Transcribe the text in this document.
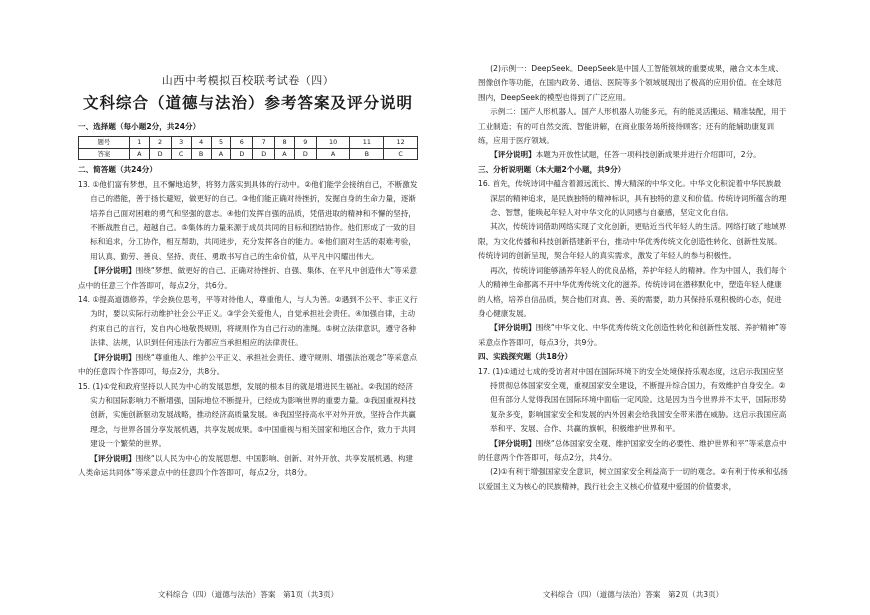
山西中考模拟百校联考试卷（四）
文科综合（道德与法治）参考答案及评分说明

一、选择题（每小题2分，共24分）

题号	1	2	3	4	5	6	7	8	9	10	11	12
答案	A	D	C	B	A	D	D	A	D	A	B	C

二、简答题（共24分）

13. ①他们富有梦想，且不懈地追梦，将努力落实到具体的行动中。②他们能学会接纳自己，不断激发自己的潜能，善于扬长避短，做更好的自己。③他们能正确对待挫折，发掘自身的生命力量，逐渐培养自己面对困难的勇气和坚强的意志。④他们发挥自强的品质，凭借进取的精神和不懈的坚持，不断战胜自己，超越自己。⑤集体的力量来源于成员共同的目标和团结协作。他们形成了一致的目标和追求，分工协作，相互帮助，共同进步，充分发挥各自的能力。⑥他们面对生活的艰难考验，用认真、勤劳、善良、坚持、责任、勇敢书写自己的生命价值，从平凡中闪耀出伟大。

【评分说明】围绕“梦想、做更好的自己、正确对待挫折、自强、集体、在平凡中创造伟大”等采意点中的任意三个作答即可，每点2分，共6分。

14. ①提高道德修养，学会换位思考，平等对待他人，尊重他人，与人为善。②遇到不公平、非正义行为时，要以实际行动维护社会公平正义。③学会关爱他人，自觉承担社会责任。④加强自律，主动约束自己的言行，发自内心地敬畏规则，将规则作为自己行动的准绳。⑤树立法律意识，遵守各种法律、法规，认识到任何违法行为都应当承担相应的法律责任。

【评分说明】围绕“尊重他人、维护公平正义、承担社会责任、遵守规则、增强法治观念”等采意点中的任意四个作答即可，每点2分，共8分。

15. (1)①党和政府坚持以人民为中心的发展思想，发展的根本目的就是增进民生福祉。②我国的经济实力和国际影响力不断增强，国际地位不断提升，已经成为影响世界的重要力量。③我国重视科技创新，实施创新驱动发展战略，推动经济高质量发展。④我国坚持高水平对外开放，坚持合作共赢理念，与世界各国分享发展机遇，共享发展成果。⑤中国重视与相关国家和地区合作，致力于共同建设一个繁荣的世界。

【评分说明】围绕“以人民为中心的发展思想、中国影响、创新、对外开放、共享发展机遇、构建人类命运共同体”等采意点中的任意四个作答即可，每点2分，共8分。

(2)示例一：DeepSeek。DeepSeek是中国人工智能领域的重要成果，融合文本生成、图像创作等功能，在国内政务、通信、医院等多个领域展现出了极高的应用价值。在全球范围内，DeepSeek的模型也得到了广泛应用。

示例二：国产人形机器人。国产人形机器人功能多元，有的能灵活搬运、精准装配，用于工业制造；有的可自然交流、智能讲解，在商业服务场所接待顾客；还有的能辅助康复训练，应用于医疗领域。

【评分说明】本题为开放性试题，任答一项科技创新成果并进行介绍即可，2分。

三、分析说明题（本大题2个小题，共9分）

16. 首先，传统诗词中蕴含着源远流长、博大精深的中华文化。中华文化积淀着中华民族最深层的精神追求，是民族独特的精神标识，具有独特的意义和价值。传统诗词所蕴含的理念、智慧，能唤起年轻人对中华文化的认同感与自豪感，坚定文化自信。

其次，传统诗词借助网络实现了文化创新，更贴近当代年轻人的生活。网络打破了地域界限，为文化传播和科技创新搭建新平台，推动中华优秀传统文化创造性转化、创新性发展。传统诗词的创新呈现，契合年轻人的真实需求，激发了年轻人的参与积极性。

再次，传统诗词能够涵养年轻人的优良品格，养护年轻人的精神。作为中国人，我们每个人的精神生命都离不开中华优秀传统文化的滋养。传统诗词在潜移默化中，塑造年轻人健康的人格，培养自信品质，契合他们对真、善、美的需要，助力其保持乐观积极的心态，促进身心健康发展。

【评分说明】围绕“中华文化、中华优秀传统文化创造性转化和创新性发展、养护精神”等采意点作答即可，每点3分，共9分。

四、实践探究题（共18分）

17. (1)①通过七成的受访者对中国在国际环境下的安全处境保持乐观态度，这启示我国应坚持贯彻总体国家安全观，重视国家安全建设，不断提升综合国力，有效维护自身安全。②但有部分人觉得我国在国际环境中面临一定风险。这是因为当今世界并不太平，国际形势复杂多变，影响国家安全和发展的内外因素会给我国安全带来潜在威胁。这启示我国应高举和平、发展、合作、共赢的旗帜，积极维护世界和平。

【评分说明】围绕“总体国家安全观、维护国家安全的必要性、维护世界和平”等采意点中的任意两个作答即可，每点2分，共4分。

(2)①有利于增强国家安全意识，树立国家安全利益高于一切的观念。②有利于传承和弘扬以爱国主义为核心的民族精神，践行社会主义核心价值观中爱国的价值要求，

文科综合（四）（道德与法治）答案　第1页（共3页）	文科综合（四）（道德与法治）答案　第2页（共3页）
